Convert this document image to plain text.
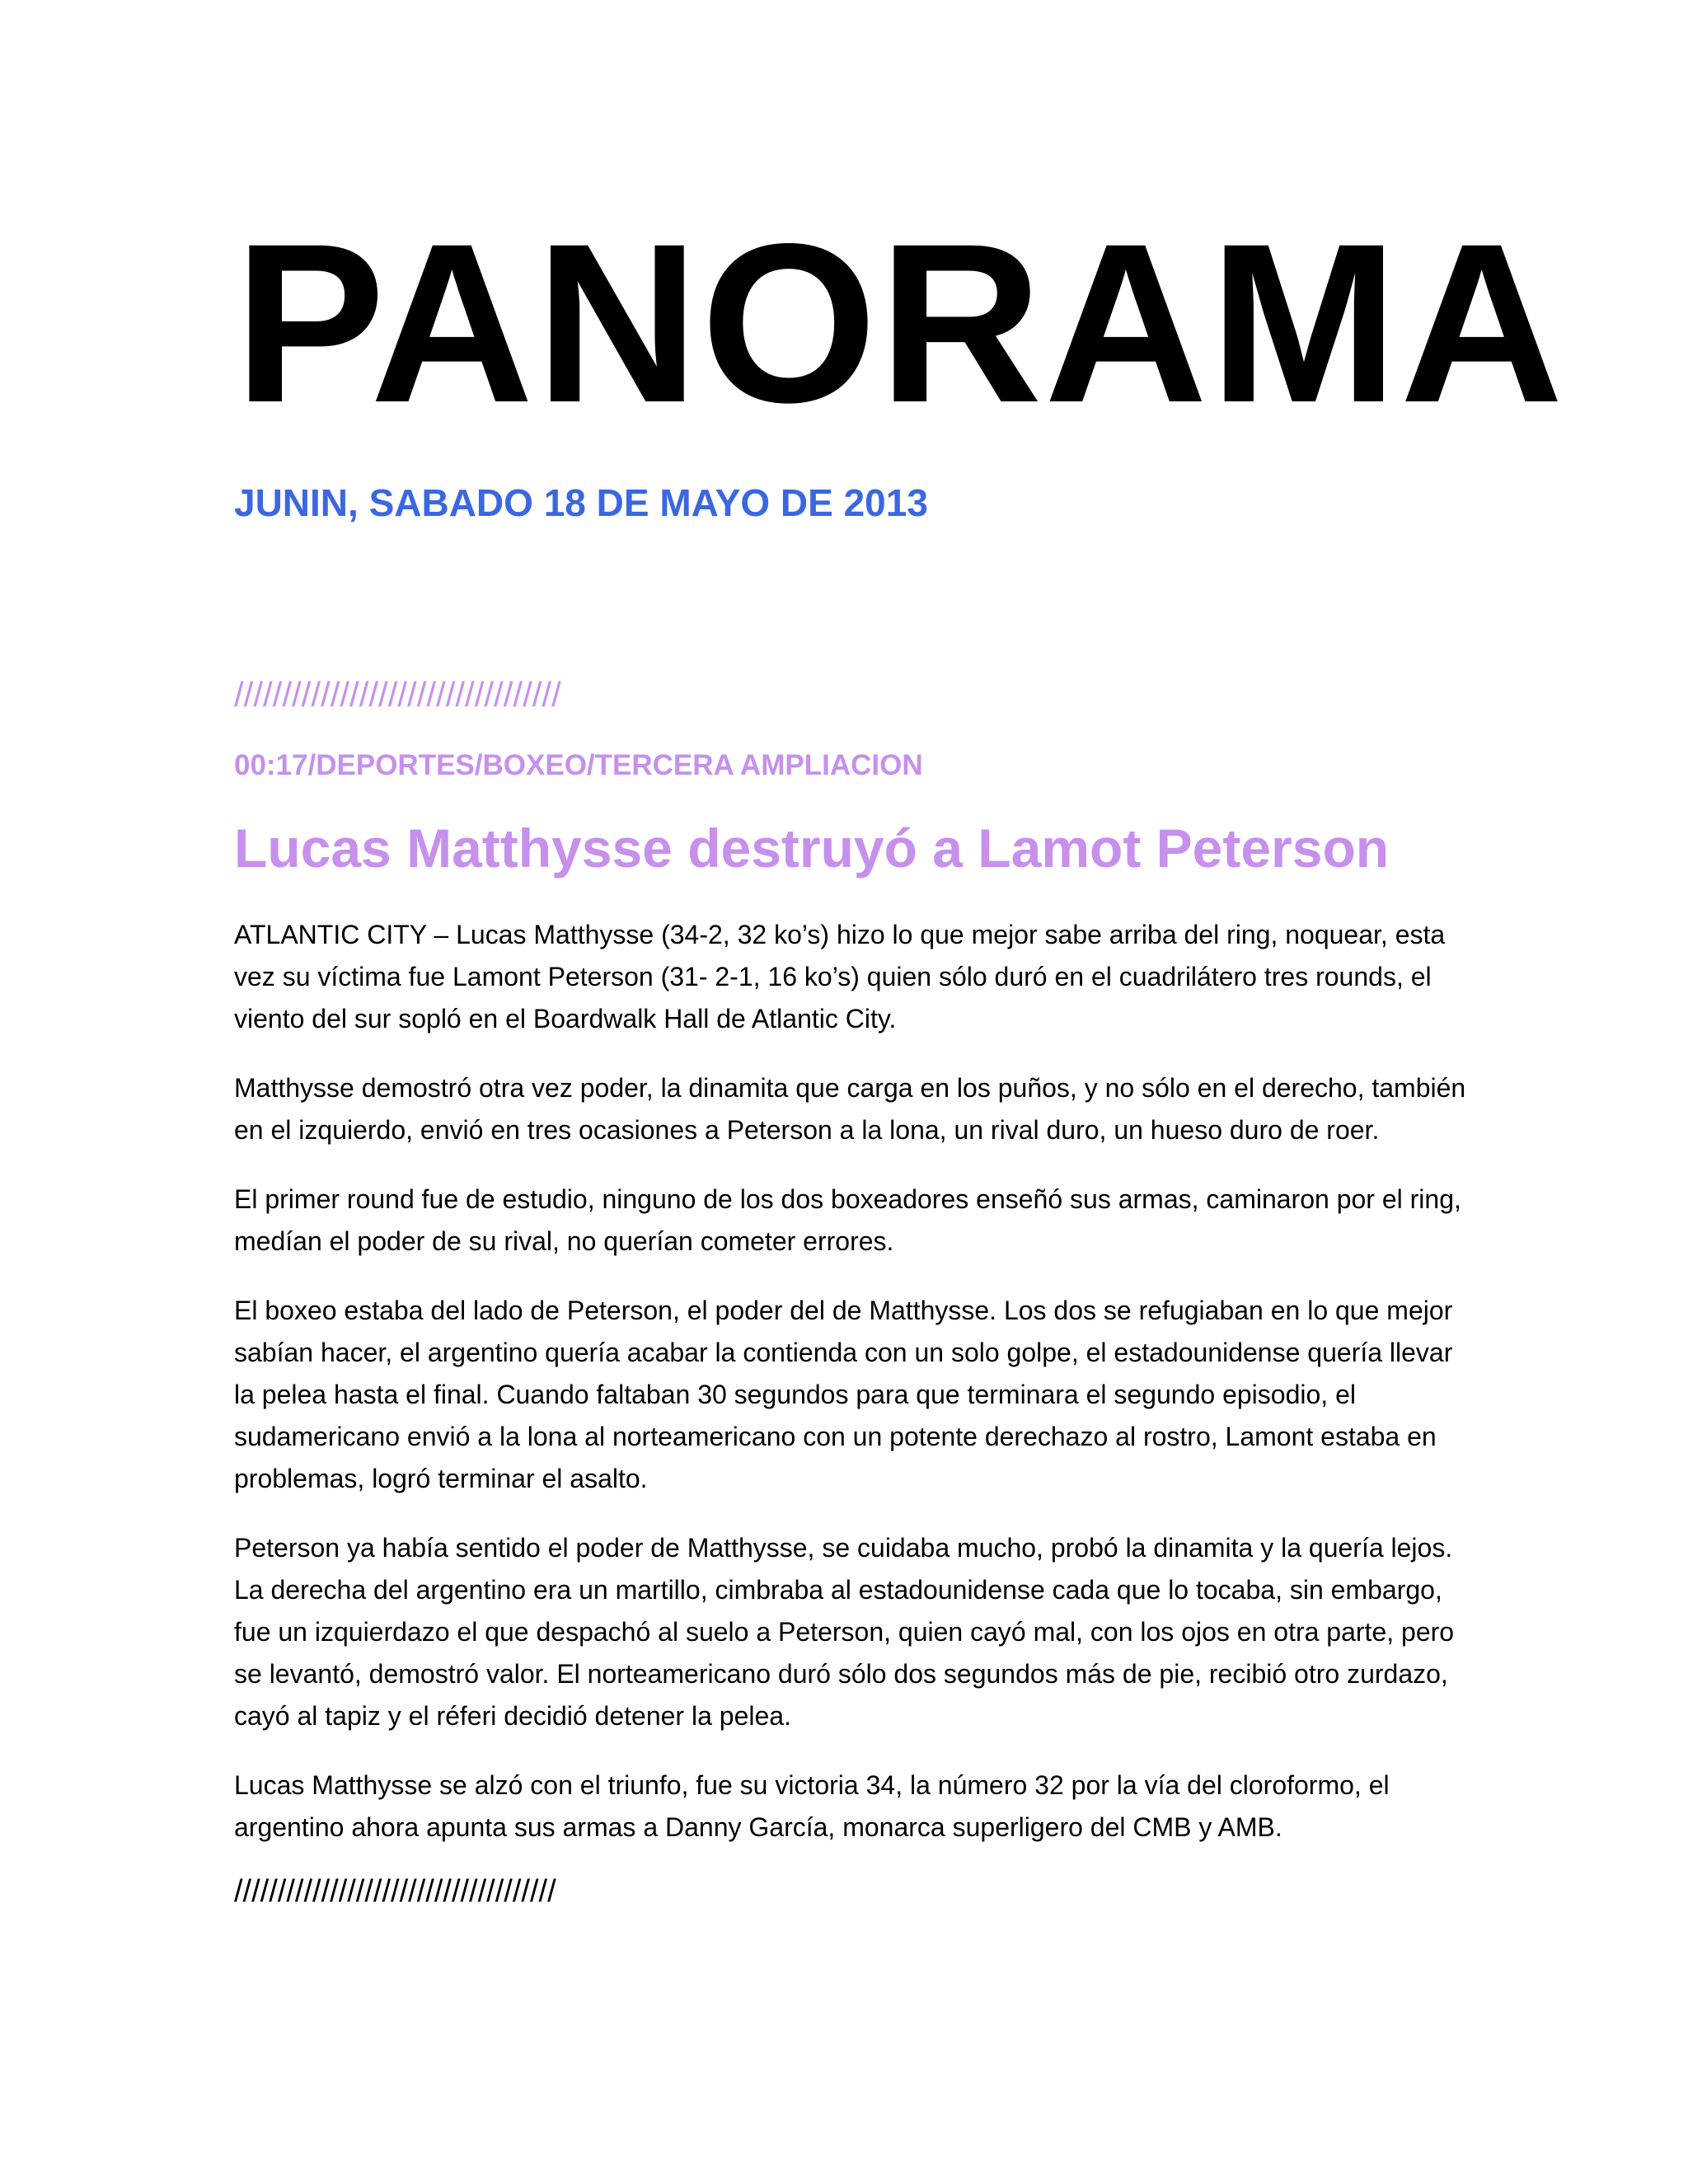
PANORAMA
JUNIN, SABADO 18 DE MAYO DE 2013
//////////////////////////////////
00:17/DEPORTES/BOXEO/TERCERA AMPLIACION
Lucas Matthysse destruyó a Lamot Peterson

ATLANTIC CITY – Lucas Matthysse (34-2, 32 ko’s) hizo lo que mejor sabe arriba del ring, noquear, esta vez su víctima fue Lamont Peterson (31- 2-1, 16 ko’s) quien sólo duró en el cuadrilátero tres rounds, el viento del sur sopló en el Boardwalk Hall de Atlantic City.

Matthysse demostró otra vez poder, la dinamita que carga en los puños, y no sólo en el derecho, también en el izquierdo, envió en tres ocasiones a Peterson a la lona, un rival duro, un hueso duro de roer.

El primer round fue de estudio, ninguno de los dos boxeadores enseñó sus armas, caminaron por el ring, medían el poder de su rival, no querían cometer errores.

El boxeo estaba del lado de Peterson, el poder del de Matthysse. Los dos se refugiaban en lo que mejor sabían hacer, el argentino quería acabar la contienda con un solo golpe, el estadounidense quería llevar la pelea hasta el final. Cuando faltaban 30 segundos para que terminara el segundo episodio, el sudamericano envió a la lona al norteamericano con un potente derechazo al rostro, Lamont estaba en problemas, logró terminar el asalto.

Peterson ya había sentido el poder de Matthysse, se cuidaba mucho, probó la dinamita y la quería lejos. La derecha del argentino era un martillo, cimbraba al estadounidense cada que lo tocaba, sin embargo, fue un izquierdazo el que despachó al suelo a Peterson, quien cayó mal, con los ojos en otra parte, pero se levantó, demostró valor. El norteamericano duró sólo dos segundos más de pie, recibió otro zurdazo, cayó al tapiz y el réferi decidió detener la pelea.

Lucas Matthysse se alzó con el triunfo, fue su victoria 34, la número 32 por la vía del cloroformo, el argentino ahora apunta sus armas a Danny García, monarca superligero del CMB y AMB.

/////////////////////////////////////
